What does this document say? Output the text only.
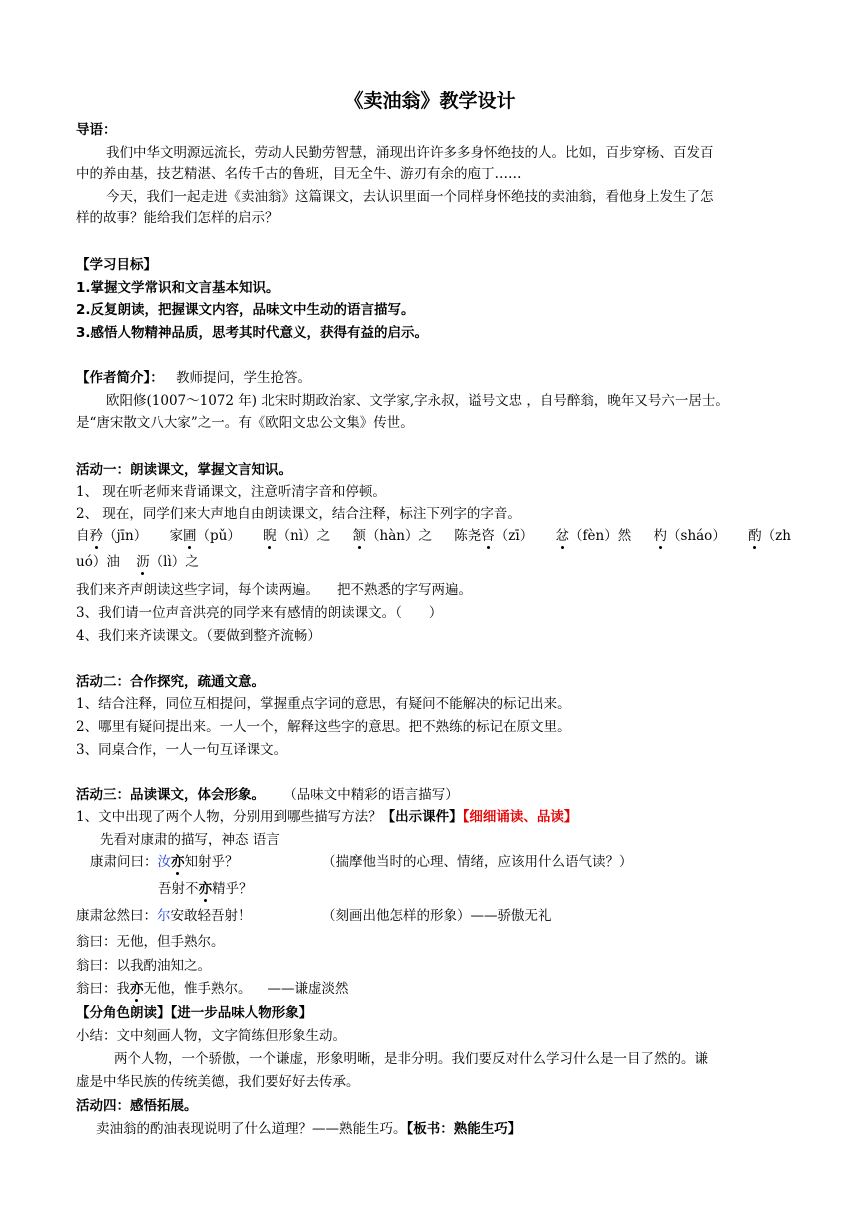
《卖油翁》教学设计
导语：
我们中华文明源远流长，劳动人民勤劳智慧，涌现出许许多多身怀绝技的人。比如，百步穿杨、百发百
中的养由基，技艺精湛、名传千古的鲁班，目无全牛、游刃有余的庖丁……
今天，我们一起走进《卖油翁》这篇课文，去认识里面一个同样身怀绝技的卖油翁，看他身上发生了怎
样的故事？能给我们怎样的启示？
【学习目标】
1.掌握文学常识和文言基本知识。
2.反复朗读，把握课文内容，品味文中生动的语言描写。
3.感悟人物精神品质，思考其时代意义，获得有益的启示。
【作者简介】： 教师提问，学生抢答。
欧阳修(1007～1072 年) 北宋时期政治家、文学家,字永叔，谥号文忠 ，自号醉翁，晚年又号六一居士。
是“唐宋散文八大家”之一。有《欧阳文忠公文集》传世。
活动一：朗读课文，掌握文言知识。
1、 现在听老师来背诵课文，注意听清字音和停顿。
2、 现在，同学们来大声地自由朗读课文，结合注释，标注下列字的字音。
自矜（jīn） 家圃（pǔ） 睨（nì）之 颔（hàn）之 陈尧咨（zī） 忿（fèn）然 杓（sháo） 酌（zh
uó）油 沥（lì）之
我们来齐声朗读这些字词，每个读两遍。 把不熟悉的字写两遍。
3、我们请一位声音洪亮的同学来有感情的朗读课文。（　　）
4、我们来齐读课文。（要做到整齐流畅）
活动二：合作探究，疏通文意。
1、结合注释，同位互相提问，掌握重点字词的意思，有疑问不能解决的标记出来。
2、哪里有疑问提出来。一人一个，解释这些字的意思。把不熟练的标记在原文里。
3、同桌合作，一人一句互译课文。
活动三：品读课文，体会形象。 （品味文中精彩的语言描写）
1、文中出现了两个人物，分别用到哪些描写方法？【出示课件】【细细诵读、品读】
先看对康肃的描写，神态 语言
康肃问曰：汝亦知射乎？	（揣摩他当时的心理、情绪，应该用什么语气读？）
吾射不亦精乎？
康肃忿然曰：尔安敢轻吾射！	（刻画出他怎样的形象）——骄傲无礼
翁曰：无他，但手熟尔。
翁曰：以我酌油知之。
翁曰：我亦无他，惟手熟尔。 ——谦虚淡然
【分角色朗读】【进一步品味人物形象】
小结：文中刻画人物，文字简练但形象生动。
两个人物，一个骄傲，一个谦虚，形象明晰，是非分明。我们要反对什么学习什么是一目了然的。谦
虚是中华民族的传统美德，我们要好好去传承。
活动四：感悟拓展。
卖油翁的酌油表现说明了什么道理？——熟能生巧。【板书：熟能生巧】
